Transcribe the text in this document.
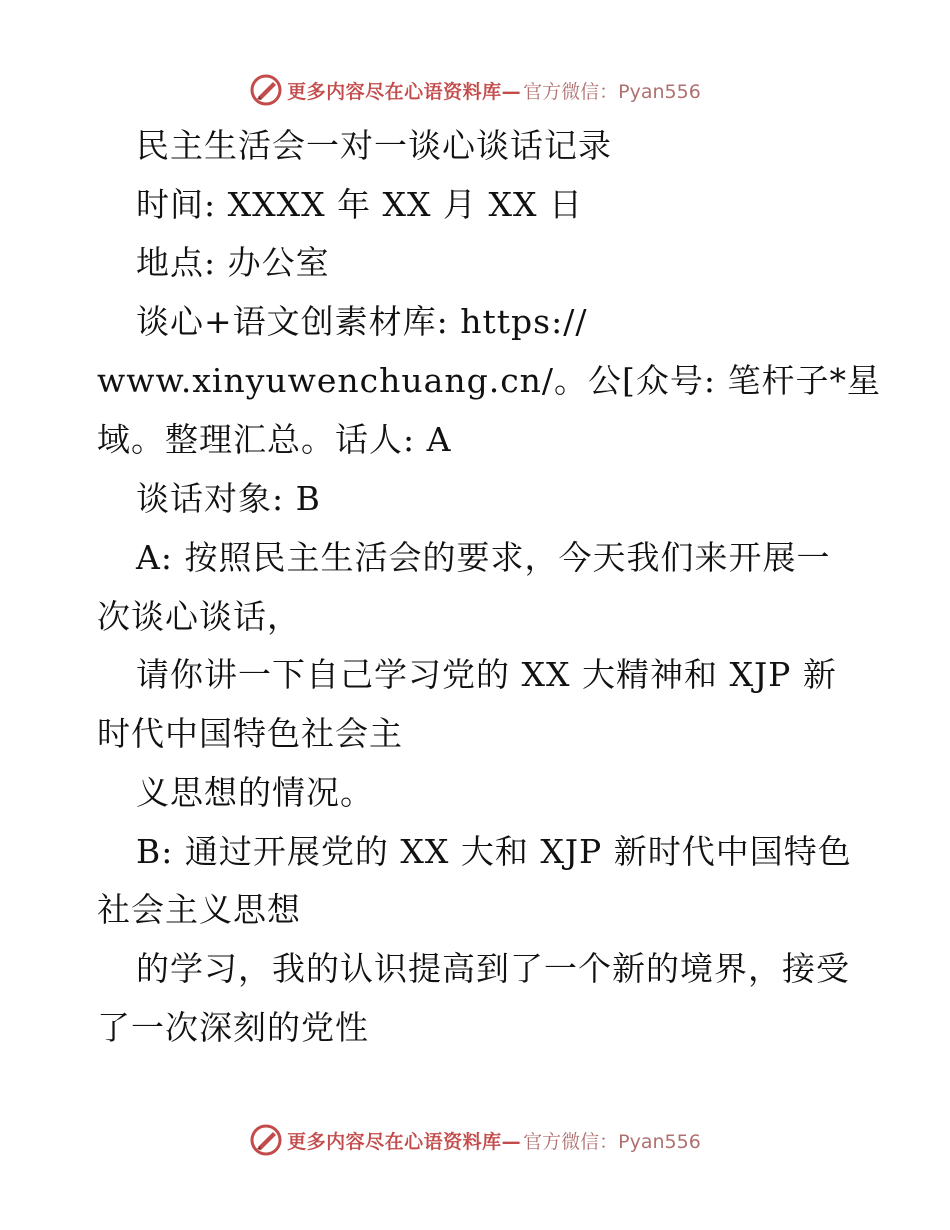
更多内容尽在心语资料库— 官方微信：Pyan556
民主生活会一对一谈心谈话记录
时间: XXXX 年 XX 月 XX 日
地点: 办公室
谈心+语文创素材库: https://
www.xinyuwenchuang.cn/。公[众号: 笔杆子*星
域。整理汇总。话人: A
谈话对象: B
A: 按照民主生活会的要求，今天我们来开展一
次谈心谈话，
请你讲一下自己学习党的 XX 大精神和 XJP 新
时代中国特色社会主
义思想的情况。
B: 通过开展党的 XX 大和 XJP 新时代中国特色
社会主义思想
的学习，我的认识提高到了一个新的境界，接受
了一次深刻的党性
更多内容尽在心语资料库— 官方微信：Pyan556
